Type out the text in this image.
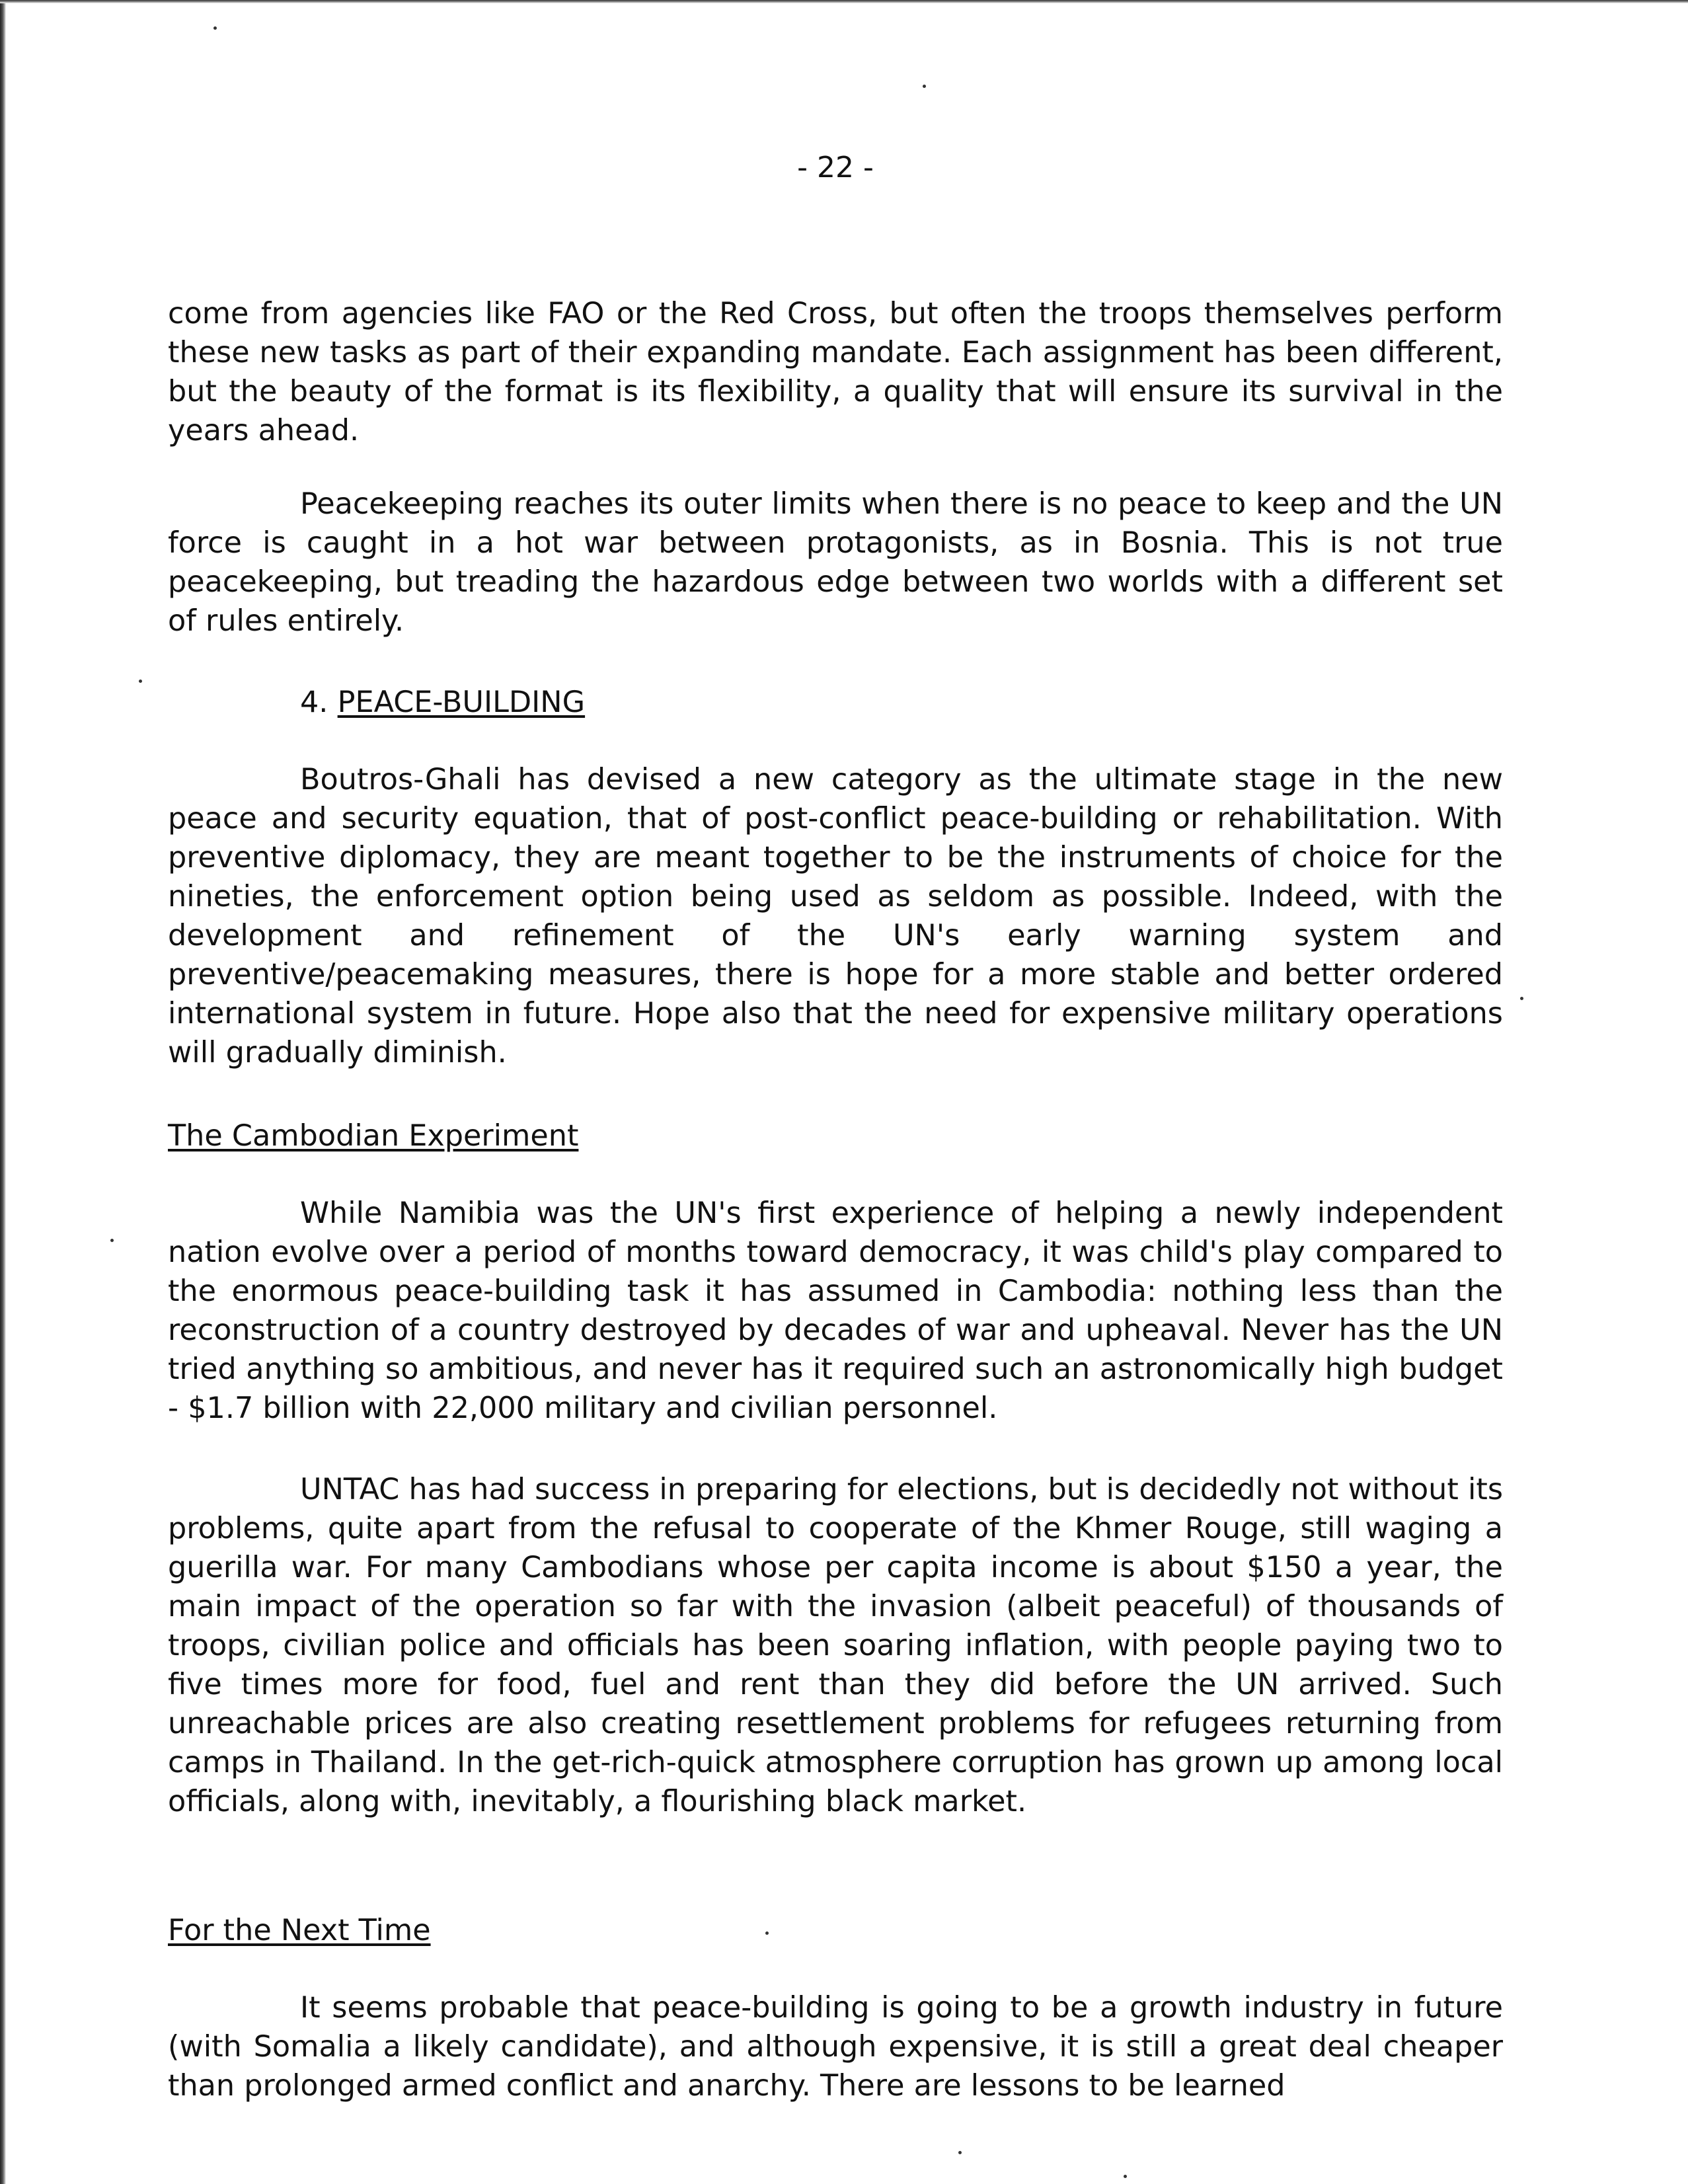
- 22 -

come from agencies like FAO or the Red Cross, but often the troops themselves perform these new tasks as part of their expanding mandate. Each assignment has been different, but the beauty of the format is its flexibility, a quality that will ensure its survival in the years ahead.

Peacekeeping reaches its outer limits when there is no peace to keep and the UN force is caught in a hot war between protagonists, as in Bosnia. This is not true peacekeeping, but treading the hazardous edge between two worlds with a different set of rules entirely.

4. PEACE-BUILDING

Boutros-Ghali has devised a new category as the ultimate stage in the new peace and security equation, that of post-conflict peace-building or rehabilitation. With preventive diplomacy, they are meant together to be the instruments of choice for the nineties, the enforcement option being used as seldom as possible. Indeed, with the development and refinement of the UN's early warning system and preventive/peacemaking measures, there is hope for a more stable and better ordered international system in future. Hope also that the need for expensive military operations will gradually diminish.

The Cambodian Experiment

While Namibia was the UN's first experience of helping a newly independent nation evolve over a period of months toward democracy, it was child's play compared to the enormous peace-building task it has assumed in Cambodia: nothing less than the reconstruction of a country destroyed by decades of war and upheaval. Never has the UN tried anything so ambitious, and never has it required such an astronomically high budget - $1.7 billion with 22,000 military and civilian personnel.

UNTAC has had success in preparing for elections, but is decidedly not without its problems, quite apart from the refusal to cooperate of the Khmer Rouge, still waging a guerilla war. For many Cambodians whose per capita income is about $150 a year, the main impact of the operation so far with the invasion (albeit peaceful) of thousands of troops, civilian police and officials has been soaring inflation, with people paying two to five times more for food, fuel and rent than they did before the UN arrived. Such unreachable prices are also creating resettlement problems for refugees returning from camps in Thailand. In the get-rich-quick atmosphere corruption has grown up among local officials, along with, inevitably, a flourishing black market.

For the Next Time

It seems probable that peace-building is going to be a growth industry in future (with Somalia a likely candidate), and although expensive, it is still a great deal cheaper than prolonged armed conflict and anarchy. There are lessons to be learned
